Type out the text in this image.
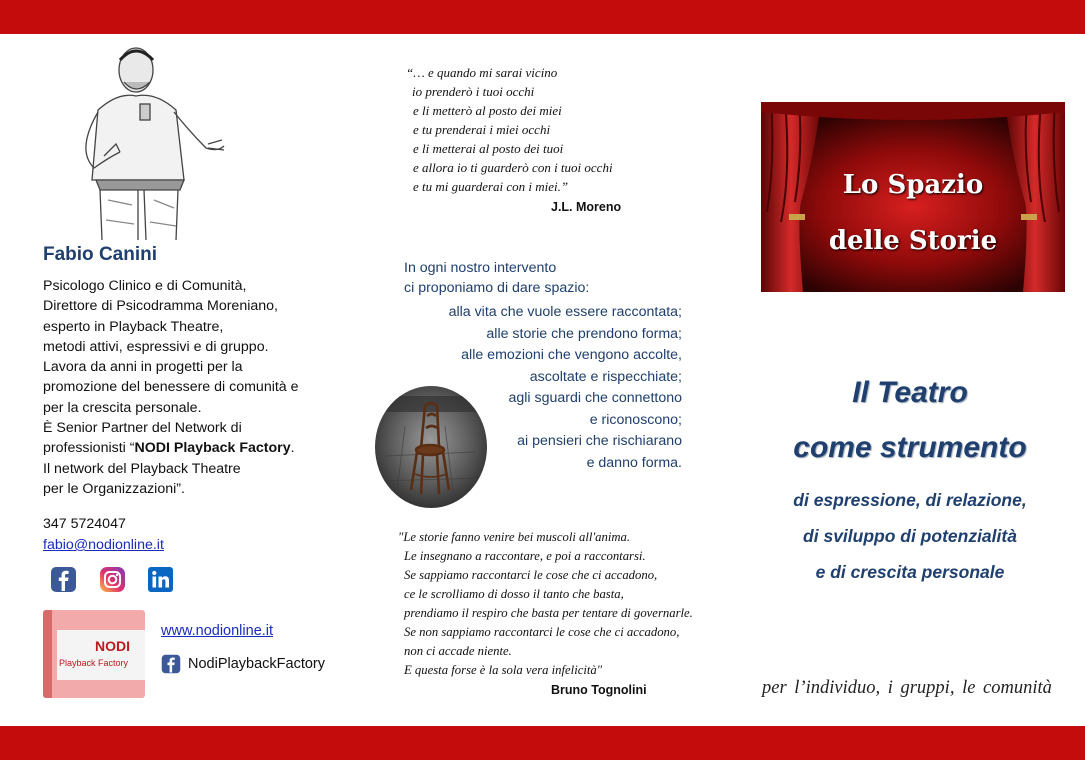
Fabio Canini
Psicologo Clinico e di Comunità,
Direttore di Psicodramma Moreniano,
esperto in Playback Theatre,
metodi attivi, espressivi e di gruppo.
Lavora da anni in progetti per la
promozione del benessere di comunità e
per la crescita personale.
È Senior Partner del Network di
professionisti “NODI Playback Factory.
Il network del Playback Theatre
per le Organizzazioni”.
347 5724047
fabio@nodionline.it
NODI
Playback Factory
www.nodionline.it
NodiPlaybackFactory
“… e quando mi sarai vicino
io prenderò i tuoi occhi
e li metterò al posto dei miei
e tu prenderai i miei occhi
e li metterai al posto dei tuoi
e allora io ti guarderò con i tuoi occhi
e tu mi guarderai con i miei.”
J.L. Moreno
In ogni nostro intervento
ci proponiamo di dare spazio:
alla vita che vuole essere raccontata;
alle storie che prendono forma;
alle emozioni che vengono accolte,
ascoltate e rispecchiate;
agli sguardi che connettono
e riconoscono;
ai pensieri che rischiarano
e danno forma.
"Le storie fanno venire bei muscoli all'anima.
Le insegnano a raccontare, e poi a raccontarsi.
Se sappiamo raccontarci le cose che ci accadono,
ce le scrolliamo di dosso il tanto che basta,
prendiamo il respiro che basta per tentare di governarle.
Se non sappiamo raccontarci le cose che ci accadono,
non ci accade niente.
E questa forse è la sola vera infelicità"
Bruno Tognolini
Lo Spazio
delle Storie
Il Teatro
come strumento
di espressione, di relazione,
di sviluppo di potenzialità
e di crescita personale
per l’individuo, i gruppi, le comunità
